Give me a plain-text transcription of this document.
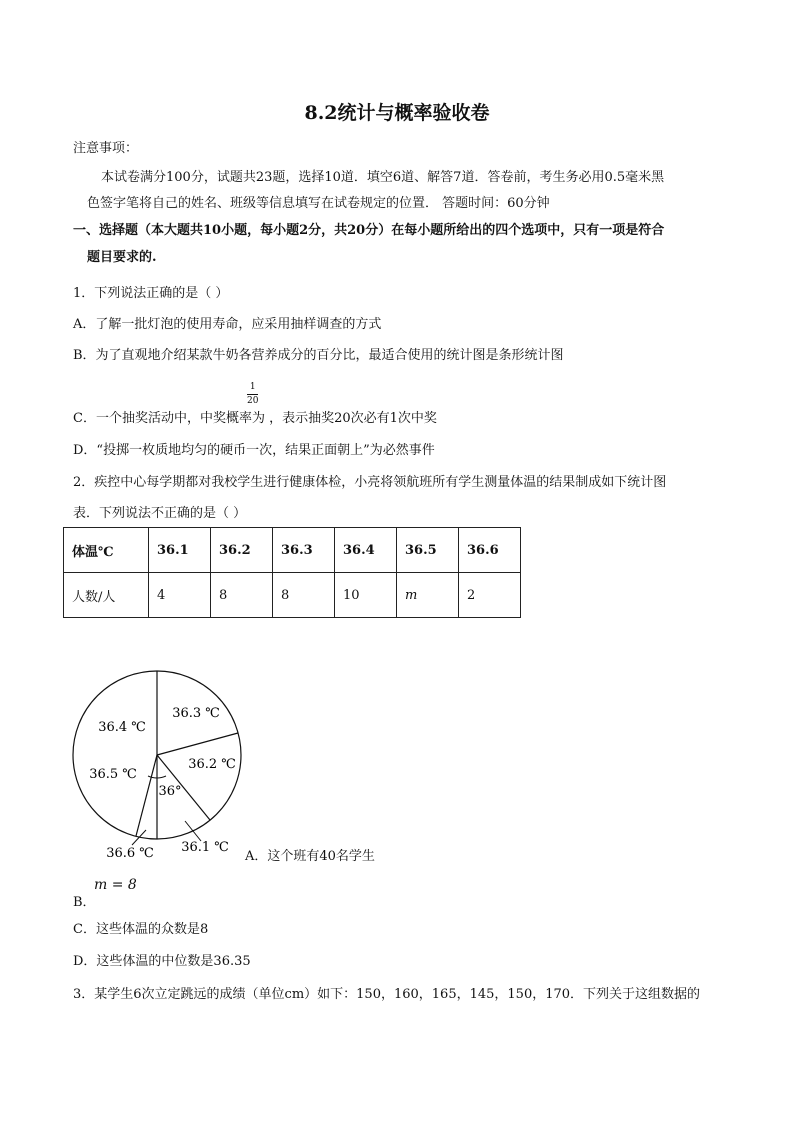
8.2统计与概率验收卷
注意事项：
本试卷满分100分，试题共23题，选择10道．填空6道、解答7道．答卷前，考生务必用0.5毫米黑
色签字笔将自己的姓名、班级等信息填写在试卷规定的位置． 答题时间：60分钟
一、选择题（本大题共10小题，每小题2分，共20分）在每小题所给出的四个选项中，只有一项是符合
题目要求的.
1．下列说法正确的是（ ）
A．了解一批灯泡的使用寿命，应采用抽样调查的方式
B．为了直观地介绍某款牛奶各营养成分的百分比，最适合使用的统计图是条形统计图
1
20
C．一个抽奖活动中，中奖概率为 ，表示抽奖20次必有1次中奖
D．“投掷一枚质地均匀的硬币一次，结果正面朝上”为必然事件
2．疾控中心每学期都对我校学生进行健康体检，小亮将领航班所有学生测量体温的结果制成如下统计图
表．下列说法不正确的是（ ）
体温℃	36.1	36.2	36.3	36.4	36.5	36.6
人数/人	4	8	8	10	m	2
36.3 ℃
36.4 ℃
36.2 ℃
36.5 ℃
36°
36.6 ℃ 36.1 ℃
A．这个班有40名学生
B．
m = 8
C．这些体温的众数是8
D．这些体温的中位数是36.35
3．某学生6次立定跳远的成绩（单位cm）如下：150，160，165，145，150，170．下列关于这组数据的
